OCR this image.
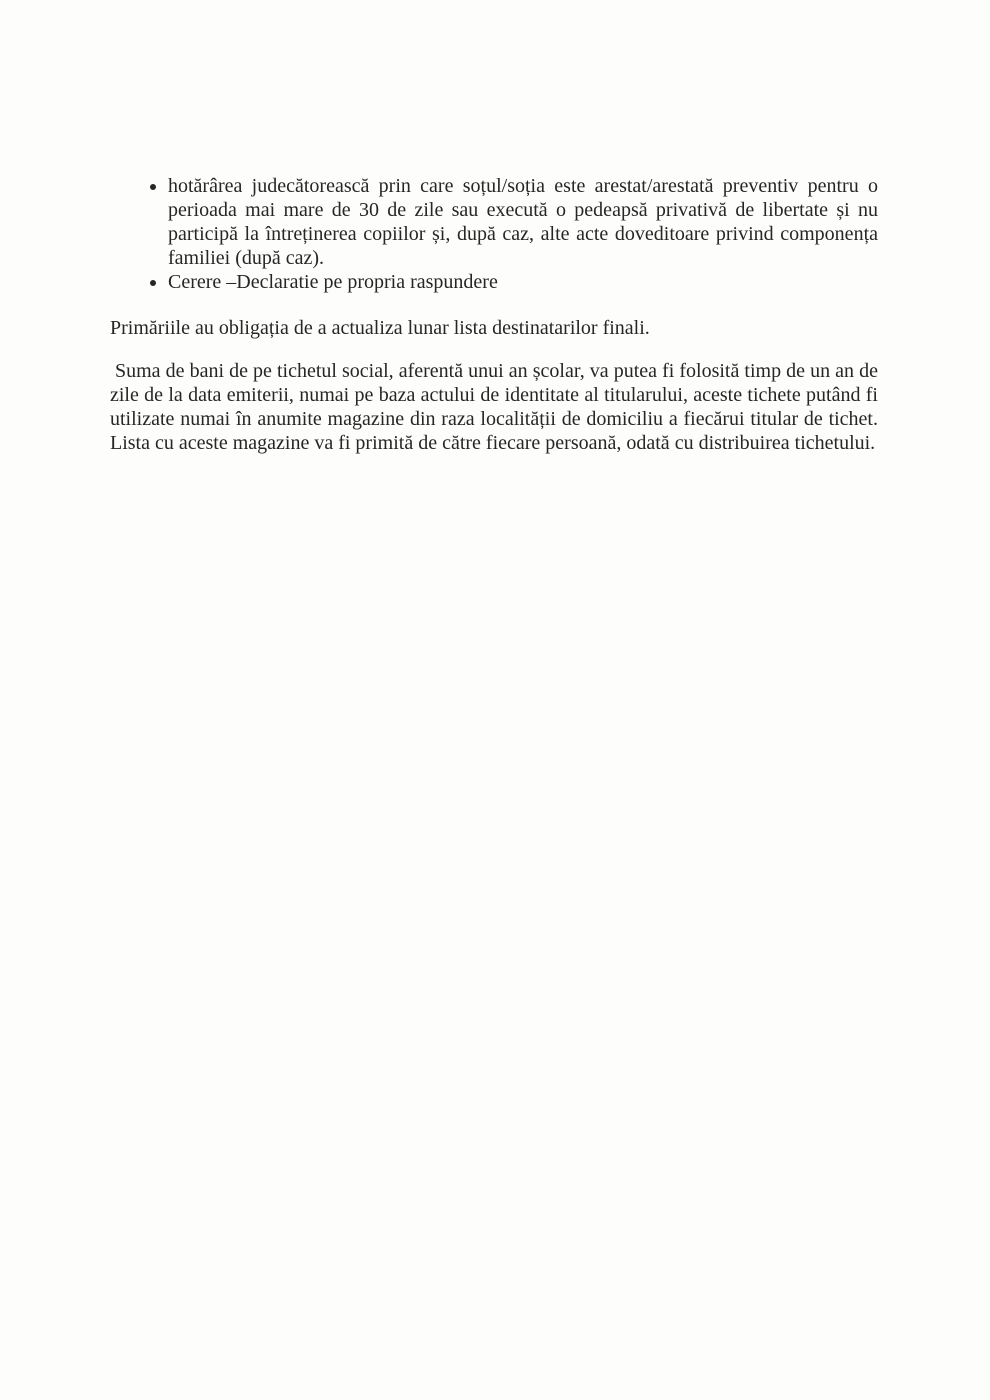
• hotărârea judecătorească prin care soțul/soția este arestat/arestată preventiv pentru o perioada mai mare de 30 de zile sau execută o pedeapsă privativă de libertate și nu participă la întreținerea copiilor și, după caz, alte acte doveditoare privind componența familiei (după caz).
• Cerere –Declaratie pe propria raspundere

Primăriile au obligația de a actualiza lunar lista destinatarilor finali.

Suma de bani de pe tichetul social, aferentă unui an școlar, va putea fi folosită timp de un an de zile de la data emiterii, numai pe baza actului de identitate al titularului, aceste tichete putând fi utilizate numai în anumite magazine din raza localității de domiciliu a fiecărui titular de tichet. Lista cu aceste magazine va fi primită de către fiecare persoană, odată cu distribuirea tichetului.
